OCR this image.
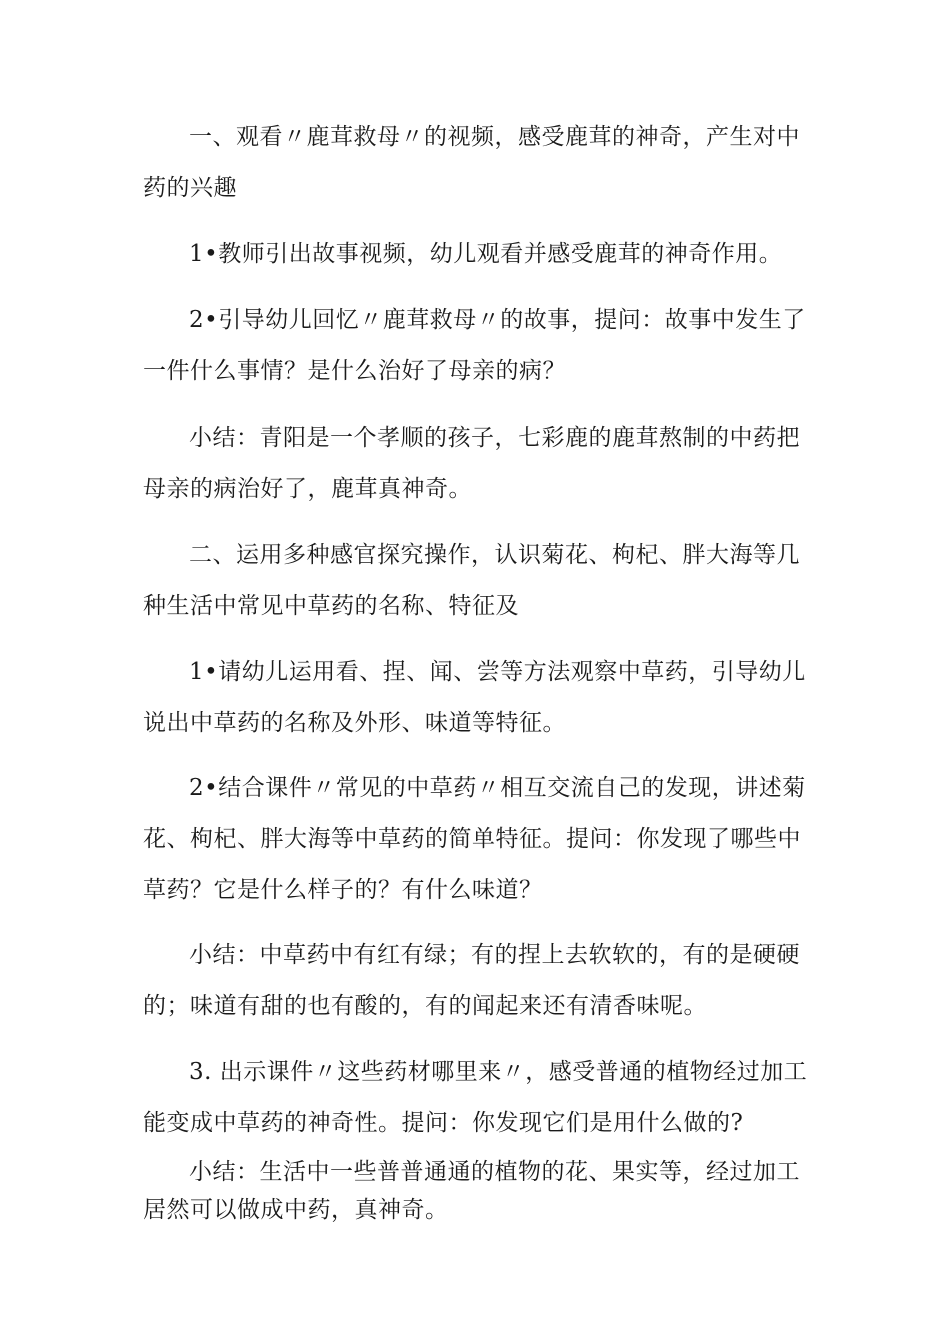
一、观看〃鹿茸救母〃的视频，感受鹿茸的神奇，产生对中药的兴趣

1•教师引出故事视频，幼儿观看并感受鹿茸的神奇作用。

2•引导幼儿回忆〃鹿茸救母〃的故事，提问：故事中发生了一件什么事情？是什么治好了母亲的病？

小结：青阳是一个孝顺的孩子，七彩鹿的鹿茸熬制的中药把母亲的病治好了，鹿茸真神奇。

二、运用多种感官探究操作，认识菊花、枸杞、胖大海等几种生活中常见中草药的名称、特征及

1•请幼儿运用看、捏、闻、尝等方法观察中草药，引导幼儿说出中草药的名称及外形、味道等特征。

2•结合课件〃常见的中草药〃相互交流自己的发现，讲述菊花、枸杞、胖大海等中草药的简单特征。提问：你发现了哪些中草药？它是什么样子的？有什么味道？

小结：中草药中有红有绿；有的捏上去软软的，有的是硬硬的；味道有甜的也有酸的，有的闻起来还有清香味呢。

3. 出示课件〃这些药材哪里来〃，感受普通的植物经过加工能变成中草药的神奇性。提问：你发现它们是用什么做的?

小结：生活中一些普普通通的植物的花、果实等，经过加工居然可以做成中药，真神奇。
